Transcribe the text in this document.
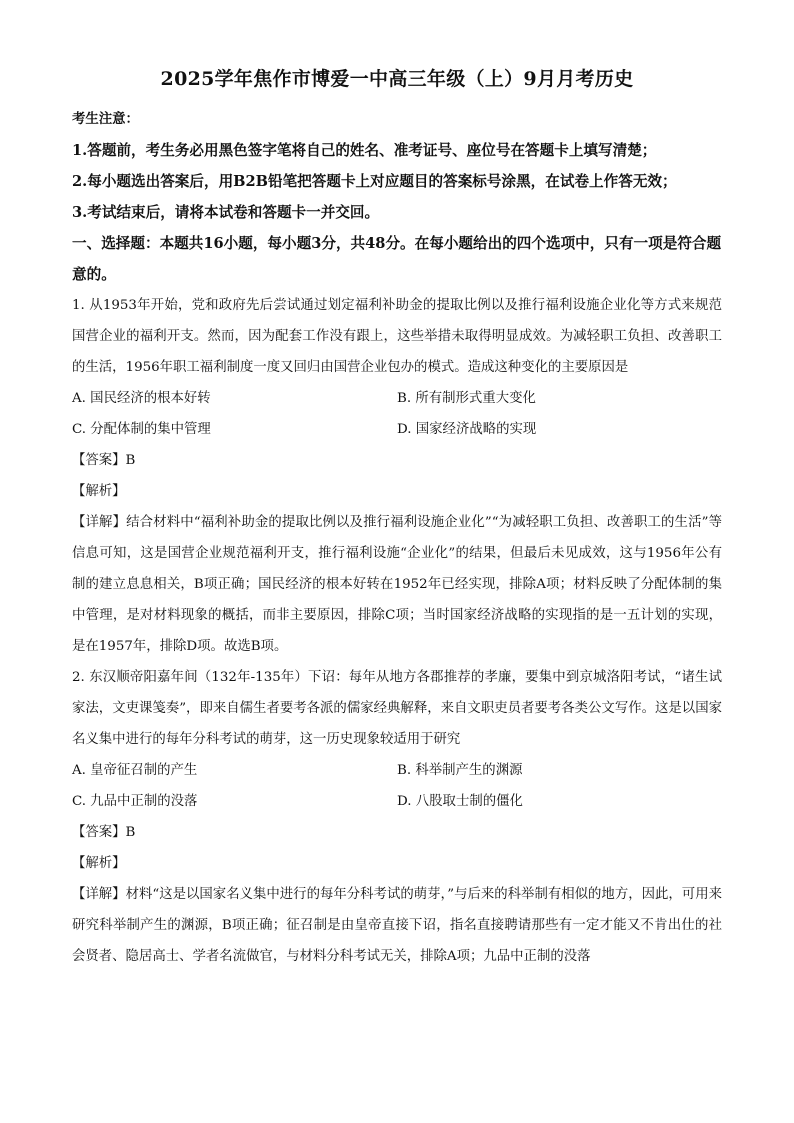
2025学年焦作市博爱一中高三年级（上）9月月考历史

考生注意：

1.答题前，考生务必用黑色签字笔将自己的姓名、准考证号、座位号在答题卡上填写清楚；

2.每小题选出答案后，用B2B铅笔把答题卡上对应题目的答案标号涂黑，在试卷上作答无效；

3.考试结束后，请将本试卷和答题卡一并交回。

一、选择题：本题共16小题，每小题3分，共48分。在每小题给出的四个选项中，只有一项是符合题意的。

1. 从1953年开始，党和政府先后尝试通过划定福利补助金的提取比例以及推行福利设施企业化等方式来规范国营企业的福利开支。然而，因为配套工作没有跟上，这些举措未取得明显成效。为减轻职工负担、改善职工的生活，1956年职工福利制度一度又回归由国营企业包办的模式。造成这种变化的主要原因是

A. 国民经济的根本好转	B. 所有制形式重大变化
C. 分配体制的集中管理	D. 国家经济战略的实现
【答案】B
【解析】

【详解】结合材料中“福利补助金的提取比例以及推行福利设施企业化”“为减轻职工负担、改善职工的生活”等信息可知，这是国营企业规范福利开支，推行福利设施“企业化”的结果，但最后未见成效，这与1956年公有制的建立息息相关，B项正确；国民经济的根本好转在1952年已经实现，排除A项；材料反映了分配体制的集中管理，是对材料现象的概括，而非主要原因，排除C项；当时国家经济战略的实现指的是一五计划的实现，是在1957年，排除D项。故选B项。

2. 东汉顺帝阳嘉年间（132年-135年）下诏：每年从地方各郡推荐的孝廉，要集中到京城洛阳考试，“诸生试家法，文吏课笺奏”，即来自儒生者要考各派的儒家经典解释，来自文职吏员者要考各类公文写作。这是以国家名义集中进行的每年分科考试的萌芽，这一历史现象较适用于研究

A. 皇帝征召制的产生	B. 科举制产生的渊源
C. 九品中正制的没落	D. 八股取士制的僵化
【答案】B
【解析】

【详解】材料“这是以国家名义集中进行的每年分科考试的萌芽，”与后来的科举制有相似的地方，因此，可用来研究科举制产生的渊源，B项正确；征召制是由皇帝直接下诏，指名直接聘请那些有一定才能又不肯出仕的社会贤者、隐居高士、学者名流做官，与材料分科考试无关，排除A项；九品中正制的没落
